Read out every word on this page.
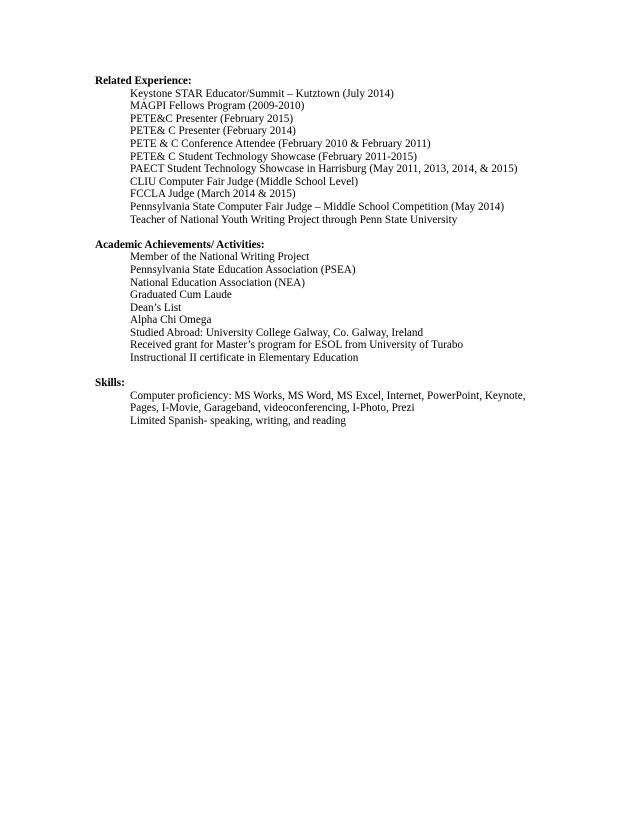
Related Experience:

Keystone STAR Educator/Summit – Kutztown (July 2014)
MAGPI Fellows Program (2009-2010)
PETE&C Presenter (February 2015)
PETE& C Presenter (February 2014)
PETE & C Conference Attendee (February 2010 & February 2011)
PETE& C Student Technology Showcase (February 2011-2015)
PAECT Student Technology Showcase in Harrisburg (May 2011, 2013, 2014, & 2015)
CLIU Computer Fair Judge (Middle School Level)
FCCLA Judge (March 2014 & 2015)
Pennsylvania State Computer Fair Judge – Middle School Competition (May 2014)
Teacher of National Youth Writing Project through Penn State University

Academic Achievements/ Activities:

Member of the National Writing Project
Pennsylvania State Education Association (PSEA)
National Education Association (NEA)
Graduated Cum Laude
Dean’s List
Alpha Chi Omega
Studied Abroad: University College Galway, Co. Galway, Ireland
Received grant for Master’s program for ESOL from University of Turabo
Instructional II certificate in Elementary Education

Skills:

Computer proficiency: MS Works, MS Word, MS Excel, Internet, PowerPoint, Keynote, Pages, I-Movie, Garageband, videoconferencing, I-Photo, Prezi
Limited Spanish- speaking, writing, and reading
